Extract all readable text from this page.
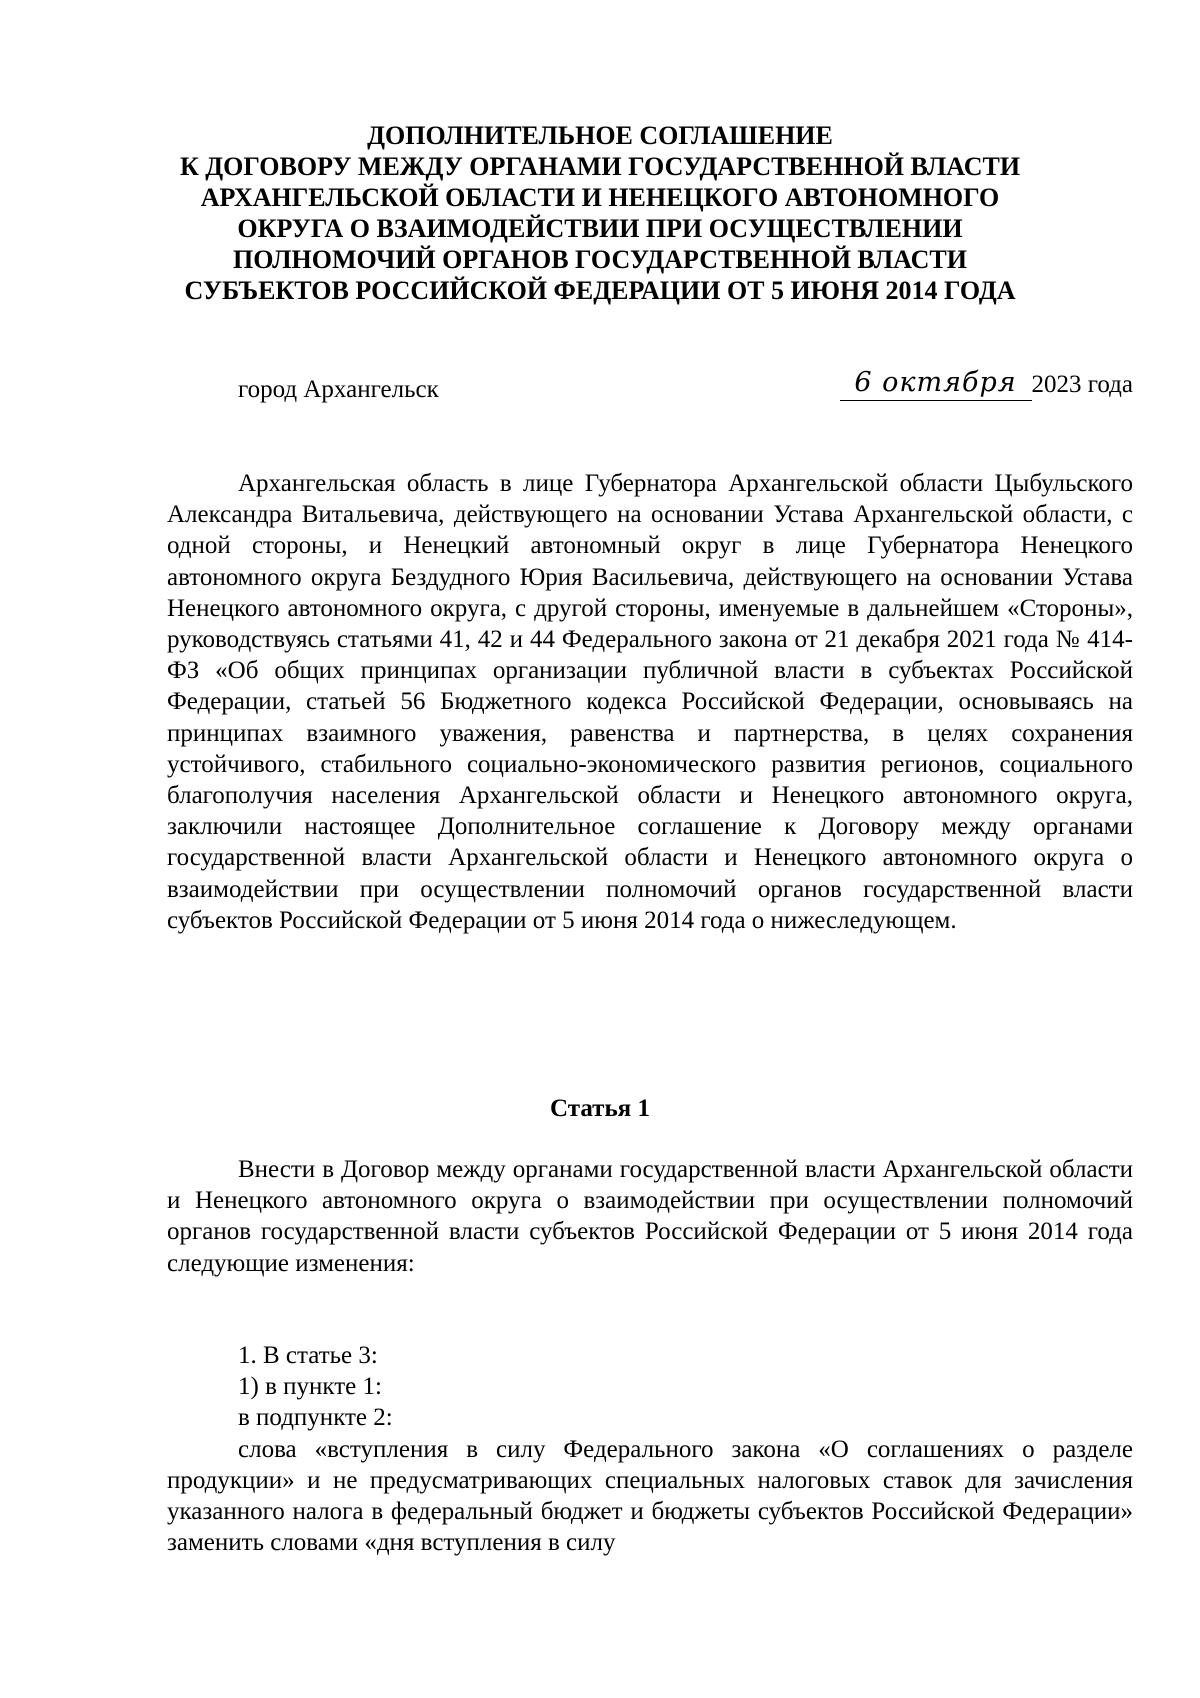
ДОПОЛНИТЕЛЬНОЕ СОГЛАШЕНИЕ
К ДОГОВОРУ МЕЖДУ ОРГАНАМИ ГОСУДАРСТВЕННОЙ ВЛАСТИ
АРХАНГЕЛЬСКОЙ ОБЛАСТИ И НЕНЕЦКОГО АВТОНОМНОГО
ОКРУГА О ВЗАИМОДЕЙСТВИИ ПРИ ОСУЩЕСТВЛЕНИИ
ПОЛНОМОЧИЙ ОРГАНОВ ГОСУДАРСТВЕННОЙ ВЛАСТИ
СУБЪЕКТОВ РОССИЙСКОЙ ФЕДЕРАЦИИ ОТ 5 ИЮНЯ 2014 ГОДА
город Архангельск	6 октября 2023 года

Архангельская область в лице Губернатора Архангельской области Цыбульского Александра Витальевича, действующего на основании Устава Архангельской области, с одной стороны, и Ненецкий автономный округ в лице Губернатора Ненецкого автономного округа Бездудного Юрия Васильевича, действующего на основании Устава Ненецкого автономного округа, с другой стороны, именуемые в дальнейшем «Стороны», руководствуясь статьями 41, 42 и 44 Федерального закона от 21 декабря 2021 года № 414-ФЗ «Об общих принципах организации публичной власти в субъектах Российской Федерации, статьей 56 Бюджетного кодекса Российской Федерации, основываясь на принципах взаимного уважения, равенства и партнерства, в целях сохранения устойчивого, стабильного социально-экономического развития регионов, социального благополучия населения Архангельской области и Ненецкого автономного округа, заключили настоящее Дополнительное соглашение к Договору между органами государственной власти Архангельской области и Ненецкого автономного округа о взаимодействии при осуществлении полномочий органов государственной власти субъектов Российской Федерации от 5 июня 2014 года о нижеследующем.

Статья 1

Внести в Договор между органами государственной власти Архангельской области и Ненецкого автономного округа о взаимодействии при осуществлении полномочий органов государственной власти субъектов Российской Федерации от 5 июня 2014 года следующие изменения:

1. В статье 3:

1) в пункте 1:

в подпункте 2:

слова «вступления в силу Федерального закона «О соглашениях о разделе продукции» и не предусматривающих специальных налоговых ставок для зачисления указанного налога в федеральный бюджет и бюджеты субъектов Российской Федерации» заменить словами «дня вступления в силу
